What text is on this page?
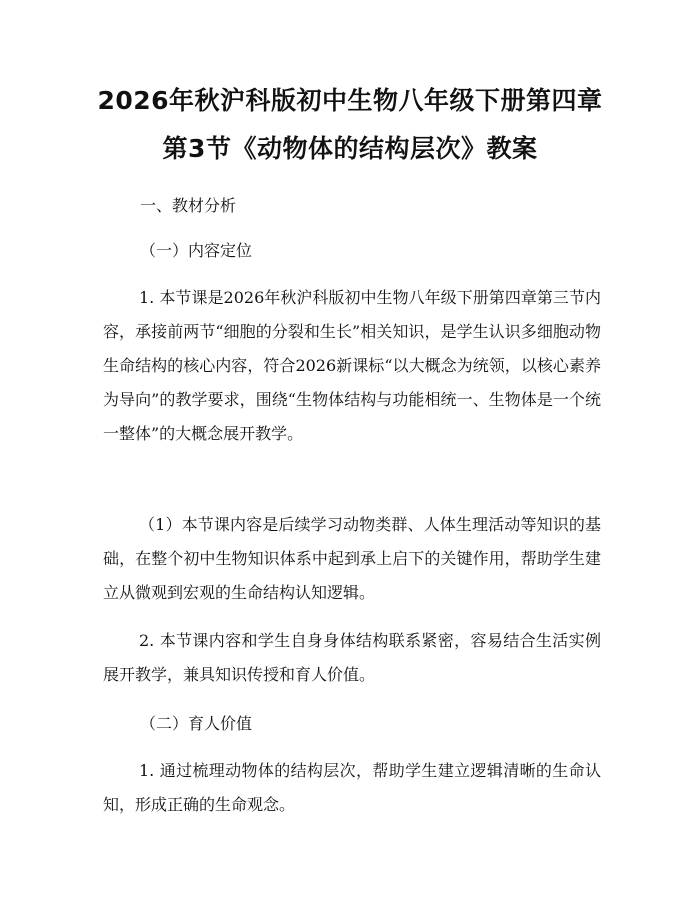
2026年秋沪科版初中生物八年级下册第四章
第3节《动物体的结构层次》教案
一、教材分析
（一）内容定位

1. 本节课是2026年秋沪科版初中生物八年级下册第四章第三节内容，承接前两节“细胞的分裂和生长”相关知识，是学生认识多细胞动物生命结构的核心内容，符合2026新课标“以大概念为统领，以核心素养为导向”的教学要求，围绕“生物体结构与功能相统一、生物体是一个统一整体”的大概念展开教学。

（1）本节课内容是后续学习动物类群、人体生理活动等知识的基础，在整个初中生物知识体系中起到承上启下的关键作用，帮助学生建立从微观到宏观的生命结构认知逻辑。

2. 本节课内容和学生自身身体结构联系紧密，容易结合生活实例展开教学，兼具知识传授和育人价值。

（二）育人价值

1. 通过梳理动物体的结构层次，帮助学生建立逻辑清晰的生命认知，形成正确的生命观念。
